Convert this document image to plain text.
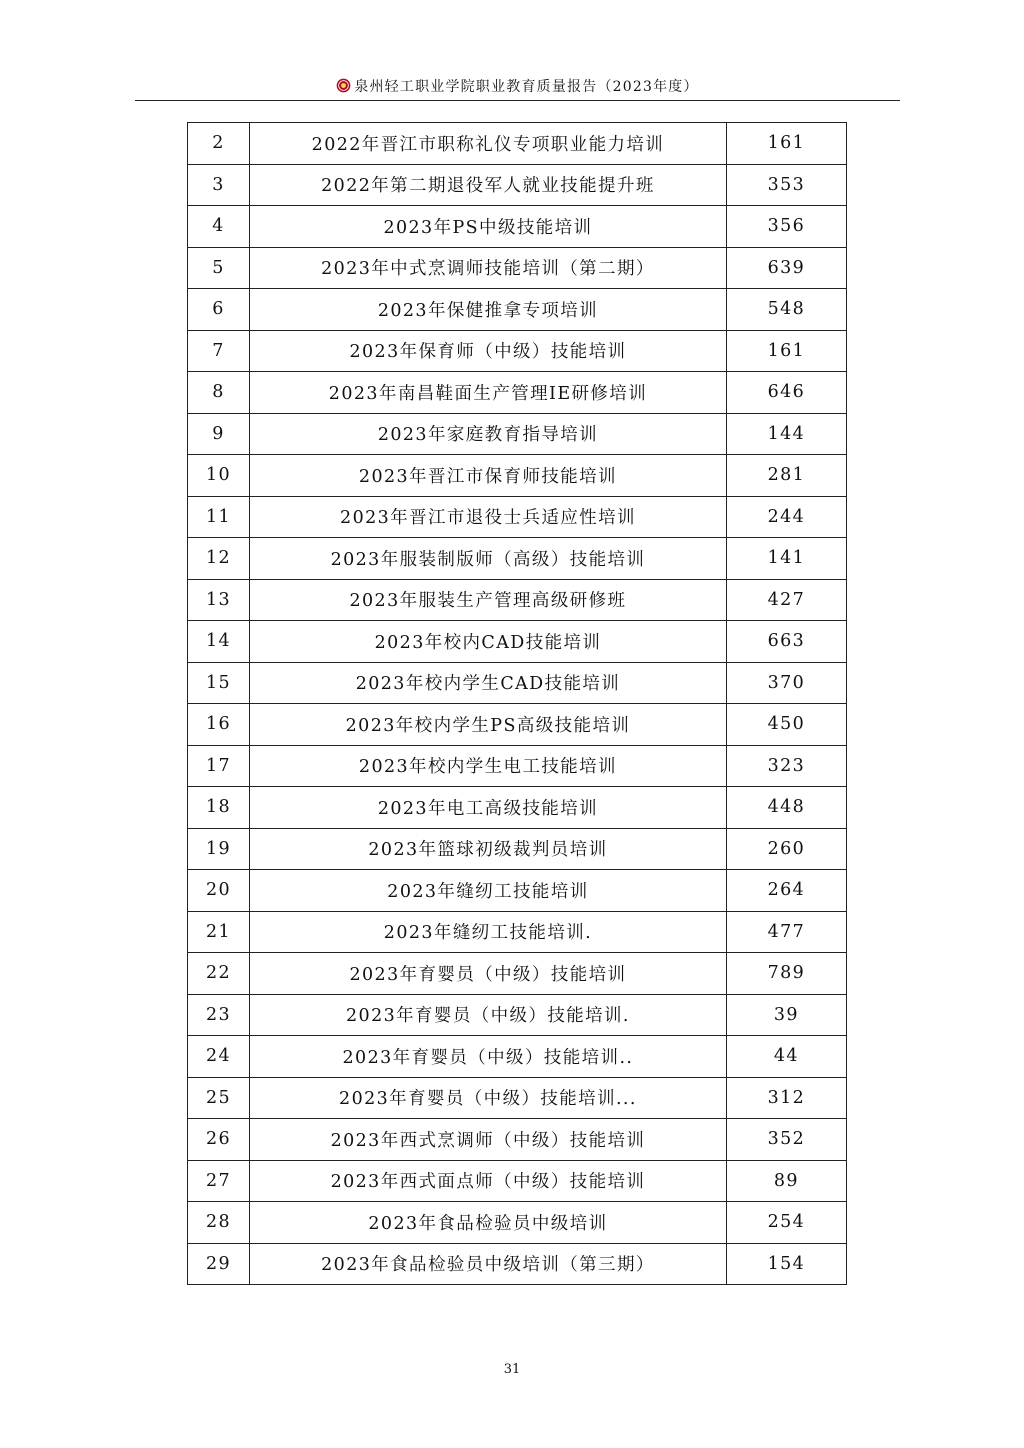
泉州轻工职业学院职业教育质量报告（2023年度）
2	2022年晋江市职称礼仪专项职业能力培训	161
3	2022年第二期退役军人就业技能提升班	353
4	2023年PS中级技能培训	356
5	2023年中式烹调师技能培训（第二期）	639
6	2023年保健推拿专项培训	548
7	2023年保育师（中级）技能培训	161
8	2023年南昌鞋面生产管理IE研修培训	646
9	2023年家庭教育指导培训	144
10	2023年晋江市保育师技能培训	281
11	2023年晋江市退役士兵适应性培训	244
12	2023年服装制版师（高级）技能培训	141
13	2023年服装生产管理高级研修班	427
14	2023年校内CAD技能培训	663
15	2023年校内学生CAD技能培训	370
16	2023年校内学生PS高级技能培训	450
17	2023年校内学生电工技能培训	323
18	2023年电工高级技能培训	448
19	2023年篮球初级裁判员培训	260
20	2023年缝纫工技能培训	264
21	2023年缝纫工技能培训.	477
22	2023年育婴员（中级）技能培训	789
23	2023年育婴员（中级）技能培训.	39
24	2023年育婴员（中级）技能培训..	44
25	2023年育婴员（中级）技能培训...	312
26	2023年西式烹调师（中级）技能培训	352
27	2023年西式面点师（中级）技能培训	89
28	2023年食品检验员中级培训	254
29	2023年食品检验员中级培训（第三期）	154
31
